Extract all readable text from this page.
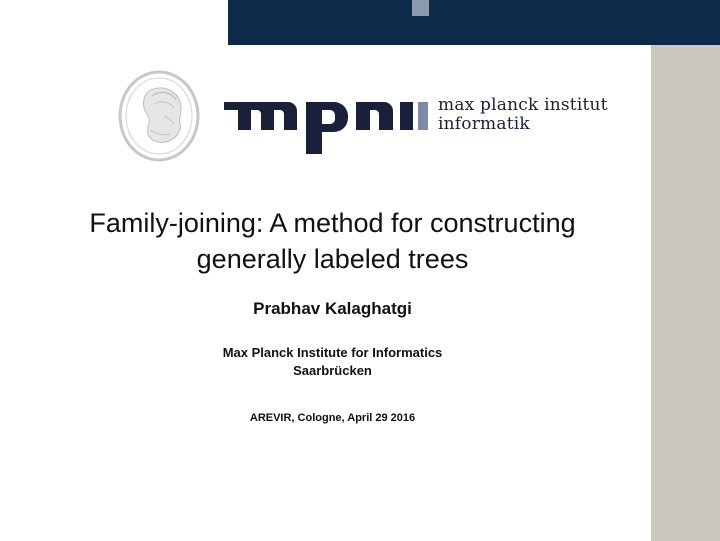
max planck institut
informatik
Family-joining: A method for constructing
generally labeled trees
Prabhav Kalaghatgi
Max Planck Institute for Informatics
Saarbrücken
AREVIR, Cologne, April 29 2016
